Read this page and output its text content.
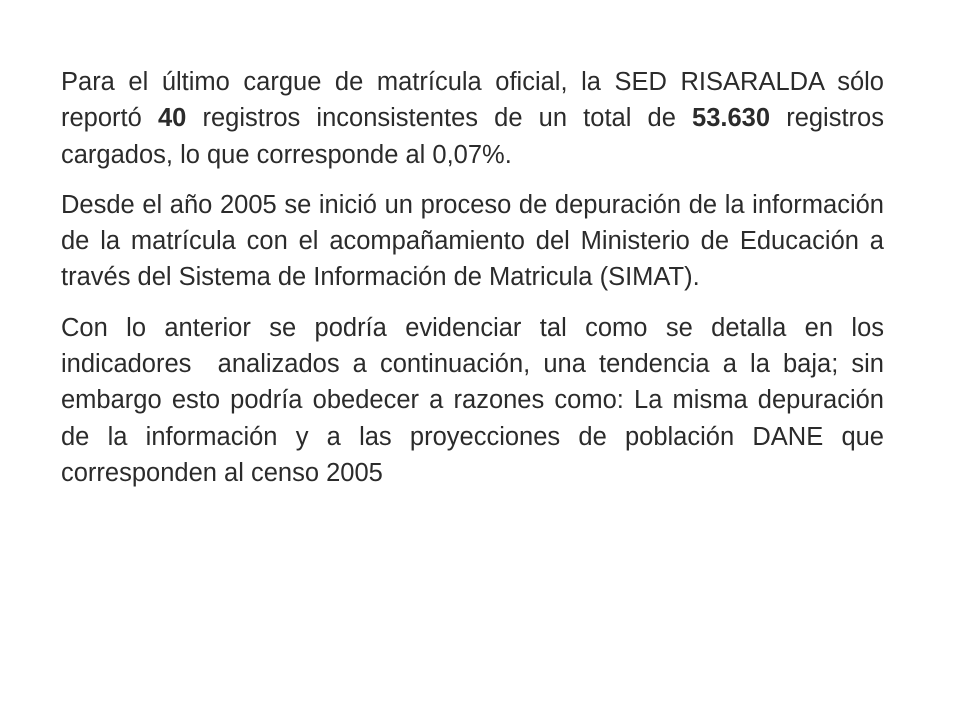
Para el último cargue de matrícula oficial, la SED RISARALDA sólo reportó 40 registros inconsistentes de un total de 53.630 registros cargados, lo que corresponde al 0,07%.

Desde el año 2005 se inició un proceso de depuración de la información de la matrícula con el acompañamiento del Ministerio de Educación a través del Sistema de Información de Matricula (SIMAT).

Con lo anterior se podría evidenciar tal como se detalla en los indicadores  analizados a continuación, una tendencia a la baja; sin embargo esto podría obedecer a razones como: La misma depuración de la información y a las proyecciones de población DANE que corresponden al censo 2005
